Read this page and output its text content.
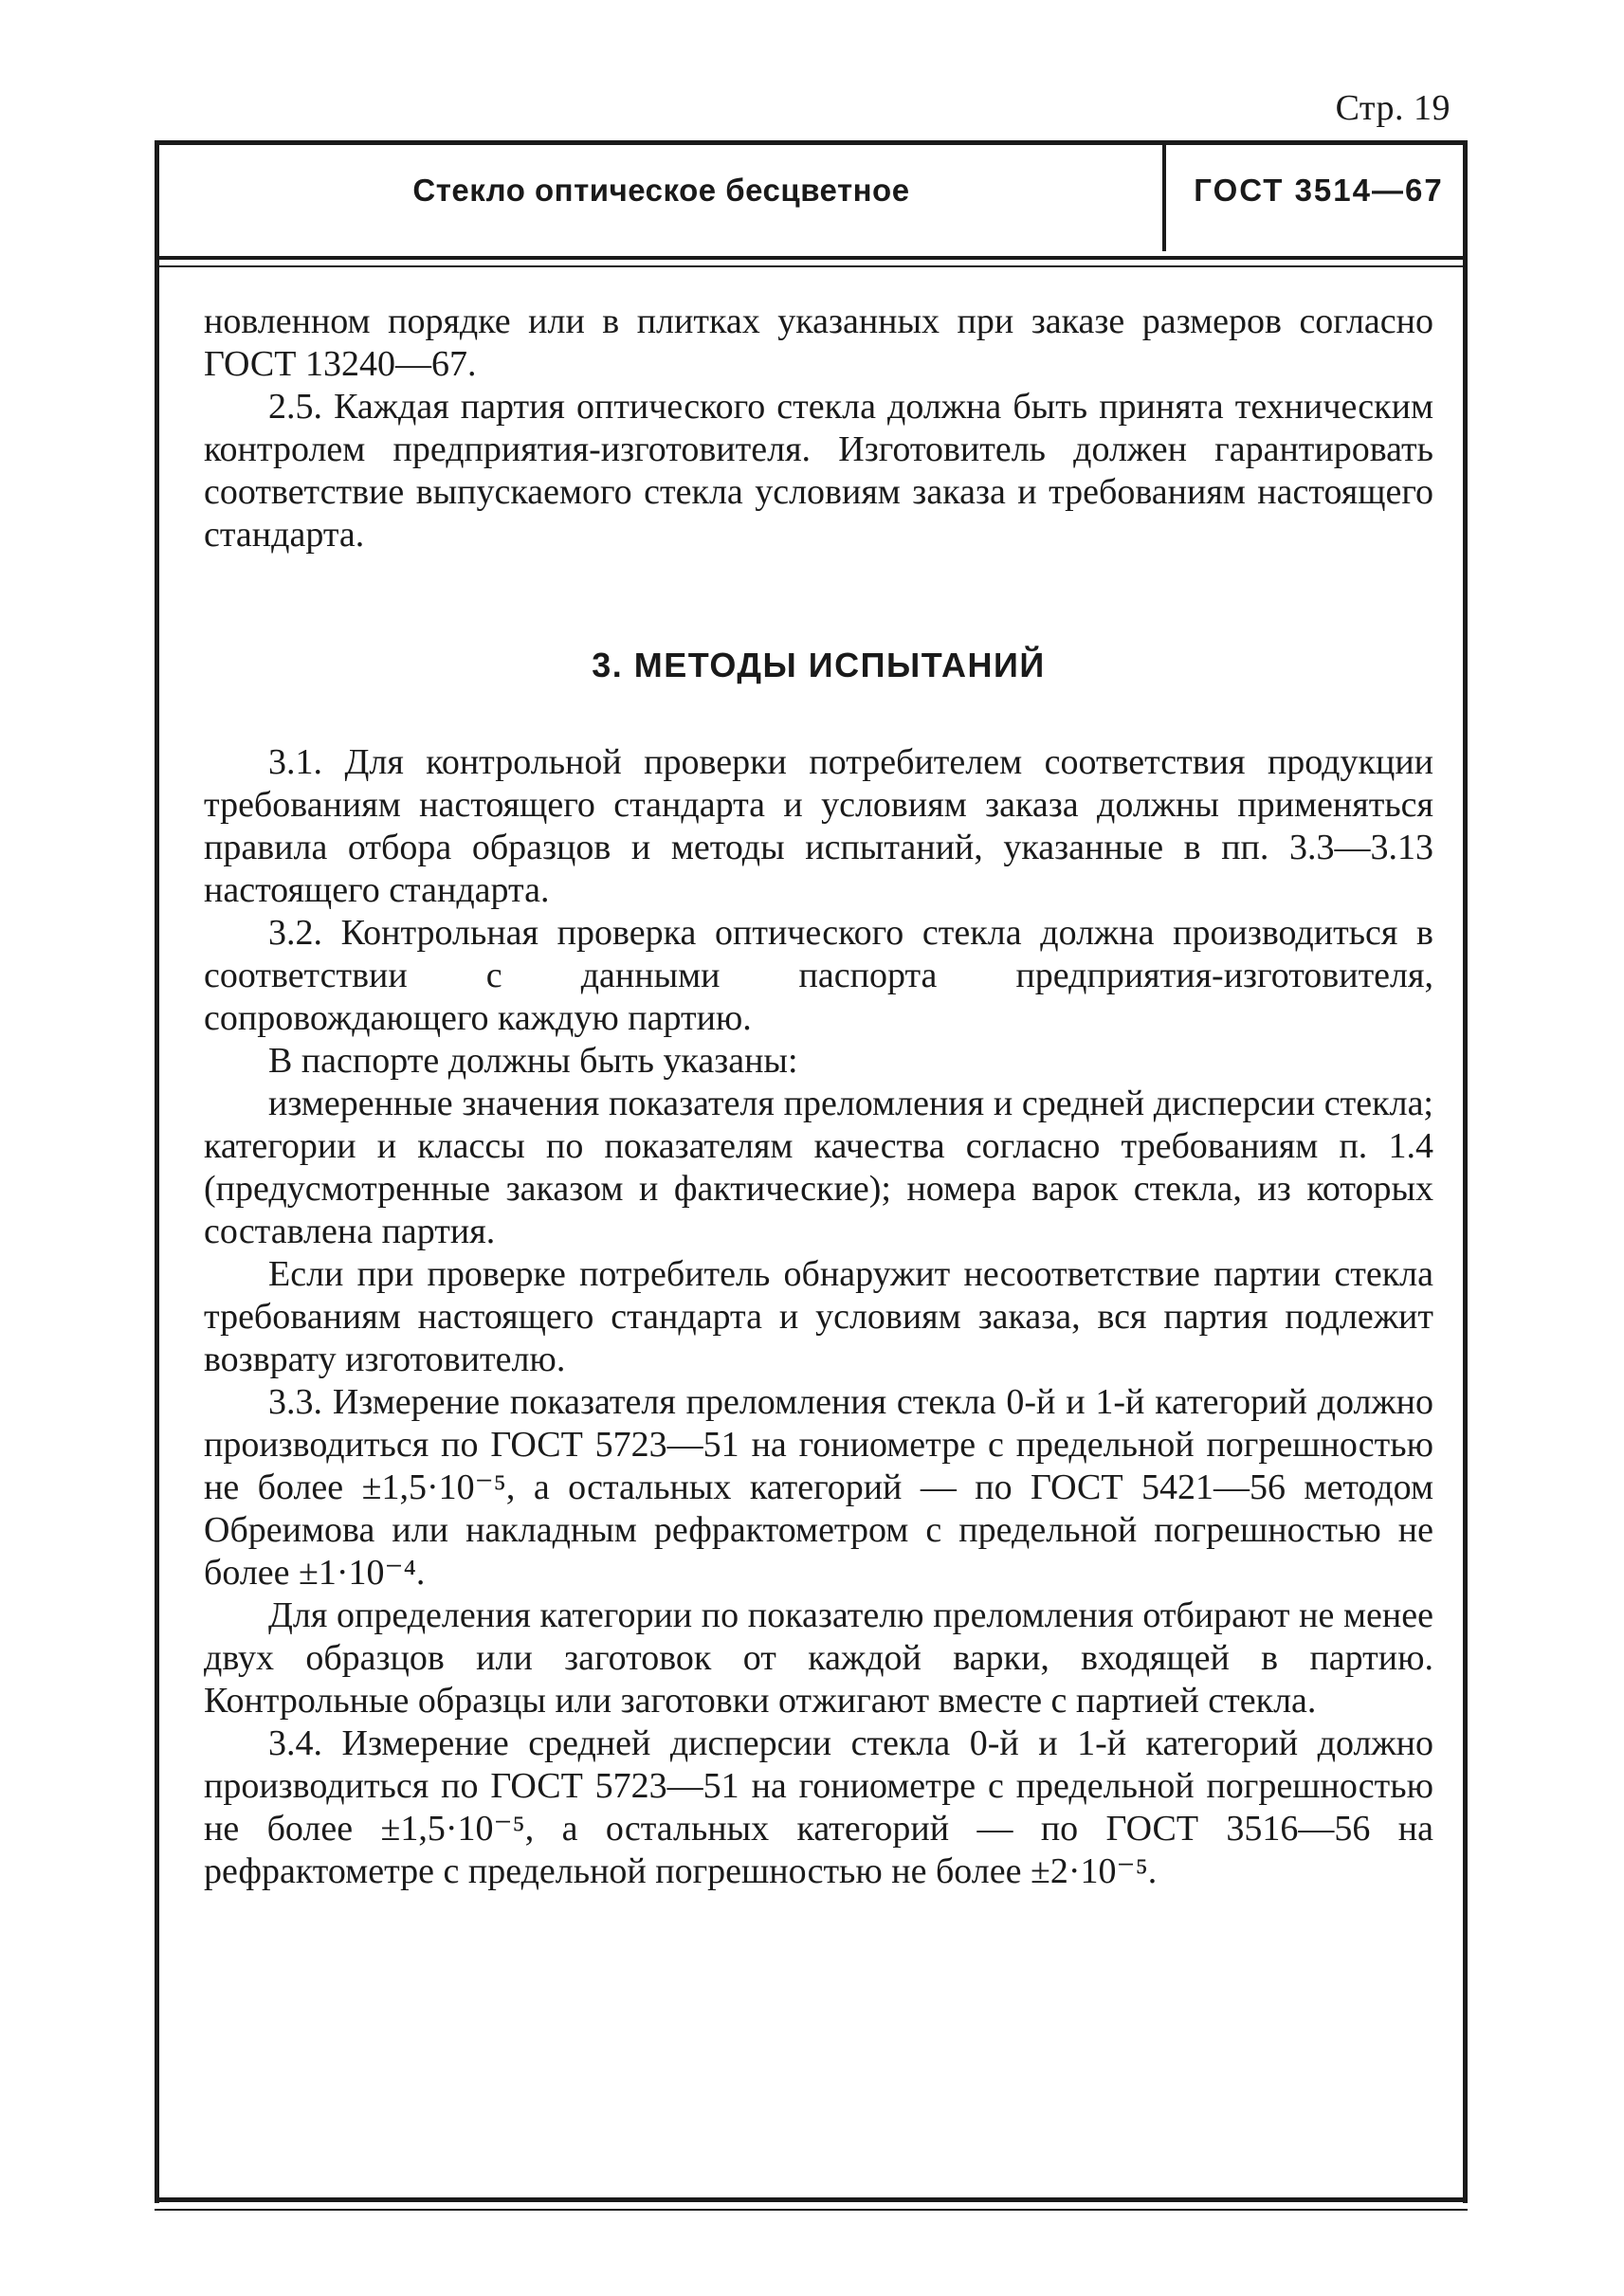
Стр. 19
Стекло оптическое бесцветное	ГОСТ 3514—67

новленном порядке или в плитках указанных при заказе размеров согласно ГОСТ 13240—67.

2.5. Каждая партия оптического стекла должна быть принята техническим контролем предприятия-изготовителя. Изготовитель должен гарантировать соответствие выпускаемого стекла условиям заказа и требованиям настоящего стандарта.

3. МЕТОДЫ ИСПЫТАНИЙ

3.1. Для контрольной проверки потребителем соответствия продукции требованиям настоящего стандарта и условиям заказа должны применяться правила отбора образцов и методы испытаний, указанные в пп. 3.3—3.13 настоящего стандарта.

3.2. Контрольная проверка оптического стекла должна производиться в соответствии с данными паспорта предприятия-изготовителя, сопровождающего каждую партию.

В паспорте должны быть указаны:

измеренные значения показателя преломления и средней дисперсии стекла; категории и классы по показателям качества согласно требованиям п. 1.4 (предусмотренные заказом и фактические); номера варок стекла, из которых составлена партия.

Если при проверке потребитель обнаружит несоответствие партии стекла требованиям настоящего стандарта и условиям заказа, вся партия подлежит возврату изготовителю.

3.3. Измерение показателя преломления стекла 0-й и 1-й категорий должно производиться по ГОСТ 5723—51 на гониометре с предельной погрешностью не более ±1,5·10⁻⁵, а остальных категорий — по ГОСТ 5421—56 методом Обреимова или накладным рефрактометром с предельной погрешностью не более ±1·10⁻⁴.

Для определения категории по показателю преломления отбирают не менее двух образцов или заготовок от каждой варки, входящей в партию. Контрольные образцы или заготовки отжигают вместе с партией стекла.

3.4. Измерение средней дисперсии стекла 0-й и 1-й категорий должно производиться по ГОСТ 5723—51 на гониометре с предельной погрешностью не более ±1,5·10⁻⁵, а остальных категорий — по ГОСТ 3516—56 на рефрактометре с предельной погрешностью не более ±2·10⁻⁵.
